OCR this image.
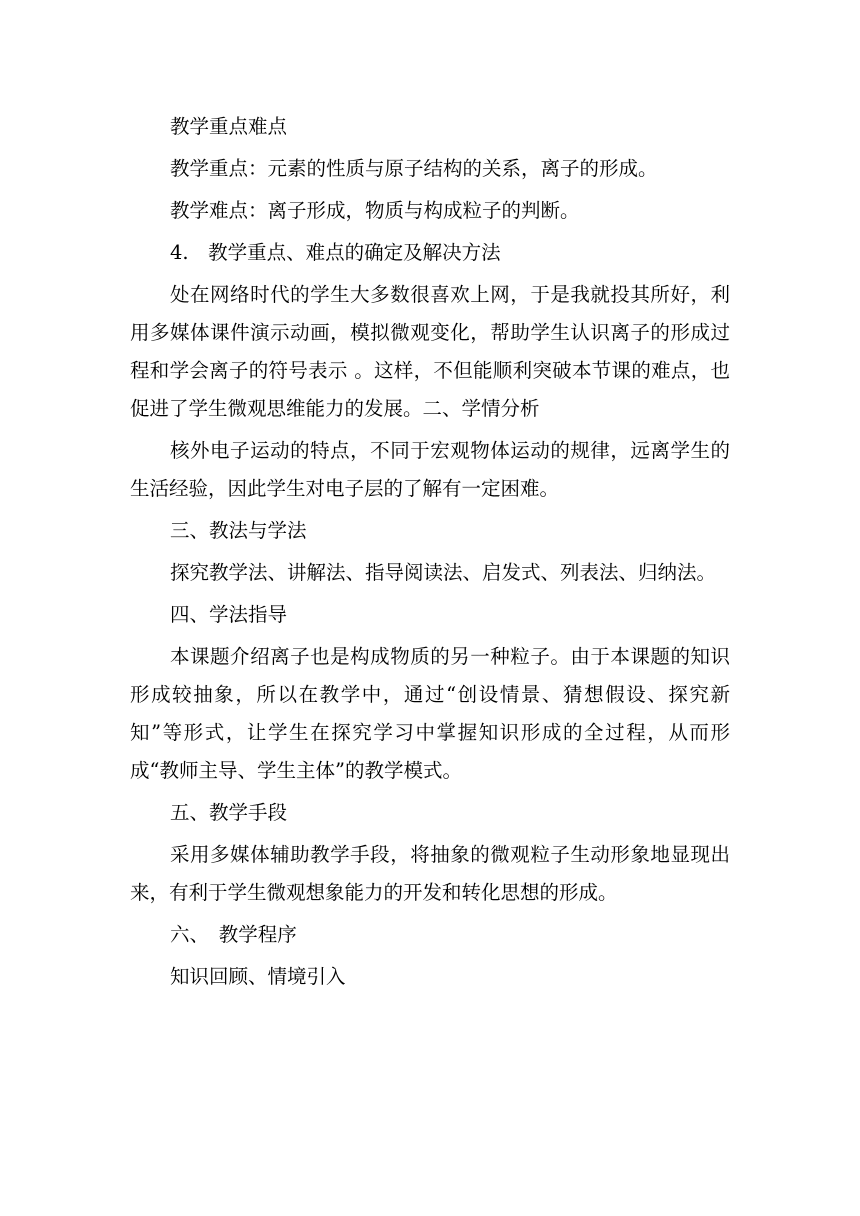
教学重点难点

教学重点：元素的性质与原子结构的关系，离子的形成。

教学难点：离子形成，物质与构成粒子的判断。

4.　教学重点、难点的确定及解决方法

处在网络时代的学生大多数很喜欢上网，于是我就投其所好，利用多媒体课件演示动画，模拟微观变化，帮助学生认识离子的形成过程和学会离子的符号表示 。这样，不但能顺利突破本节课的难点，也促进了学生微观思维能力的发展。二、学情分析

核外电子运动的特点，不同于宏观物体运动的规律，远离学生的生活经验，因此学生对电子层的了解有一定困难。

三、教法与学法

探究教学法、讲解法、指导阅读法、启发式、列表法、归纳法。

四、学法指导

本课题介绍离子也是构成物质的另一种粒子。由于本课题的知识形成较抽象，所以在教学中，通过“创设情景、猜想假设、探究新知”等形式，让学生在探究学习中掌握知识形成的全过程，从而形成“教师主导、学生主体”的教学模式。

五、教学手段

采用多媒体辅助教学手段，将抽象的微观粒子生动形象地显现出来，有利于学生微观想象能力的开发和转化思想的形成。

六、　教学程序

知识回顾、情境引入
